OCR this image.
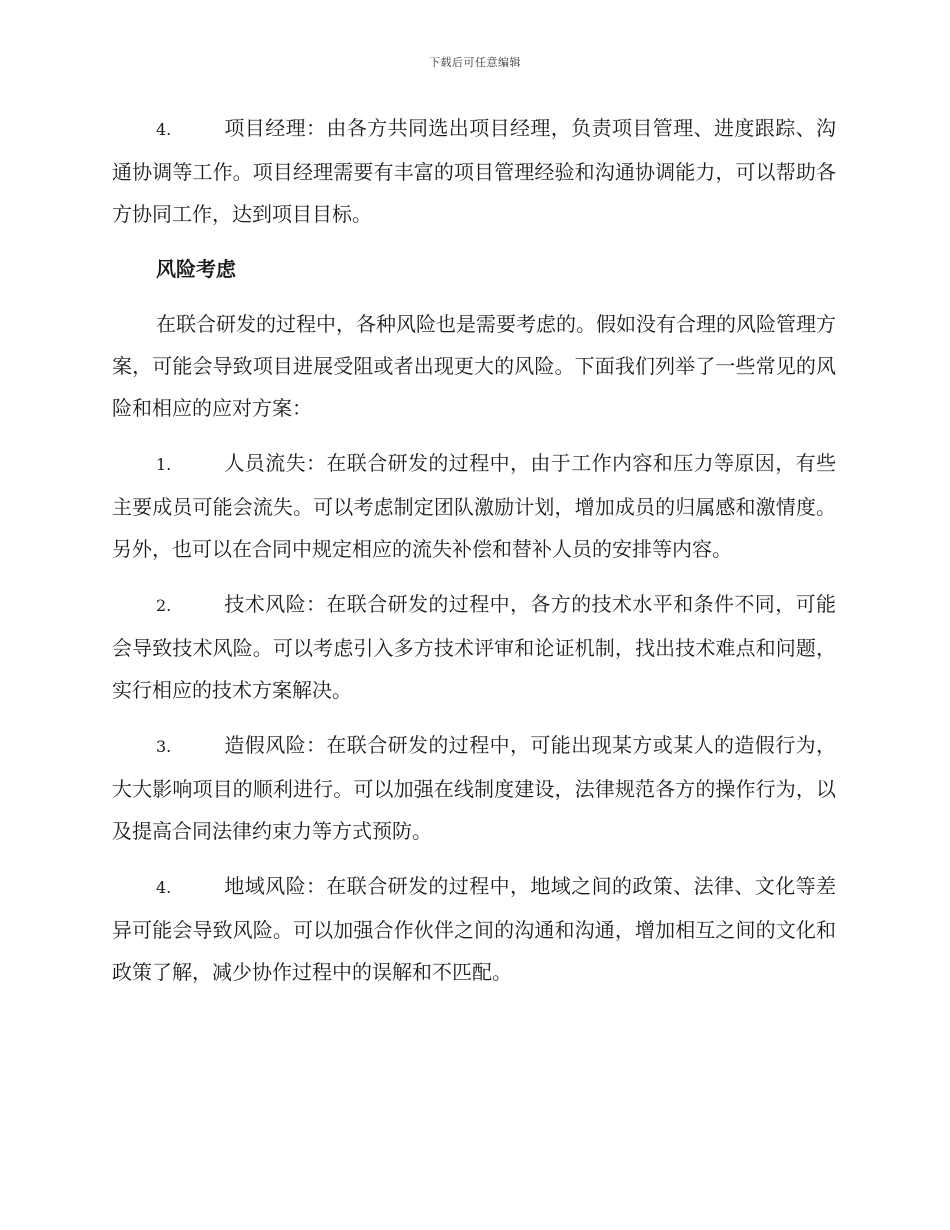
下载后可任意编辑

4.	项目经理：由各方共同选出项目经理，负责项目管理、进度跟踪、沟通协调等工作。项目经理需要有丰富的项目管理经验和沟通协调能力，可以帮助各方协同工作，达到项目目标。

风险考虑

在联合研发的过程中，各种风险也是需要考虑的。假如没有合理的风险管理方案，可能会导致项目进展受阻或者出现更大的风险。下面我们列举了一些常见的风险和相应的应对方案：

1.	人员流失：在联合研发的过程中，由于工作内容和压力等原因，有些主要成员可能会流失。可以考虑制定团队激励计划，增加成员的归属感和激情度。另外，也可以在合同中规定相应的流失补偿和替补人员的安排等内容。

2.	技术风险：在联合研发的过程中，各方的技术水平和条件不同，可能会导致技术风险。可以考虑引入多方技术评审和论证机制，找出技术难点和问题，实行相应的技术方案解决。

3.	造假风险：在联合研发的过程中，可能出现某方或某人的造假行为，大大影响项目的顺利进行。可以加强在线制度建设，法律规范各方的操作行为，以及提高合同法律约束力等方式预防。

4.	地域风险：在联合研发的过程中，地域之间的政策、法律、文化等差异可能会导致风险。可以加强合作伙伴之间的沟通和沟通，增加相互之间的文化和政策了解，减少协作过程中的误解和不匹配。
